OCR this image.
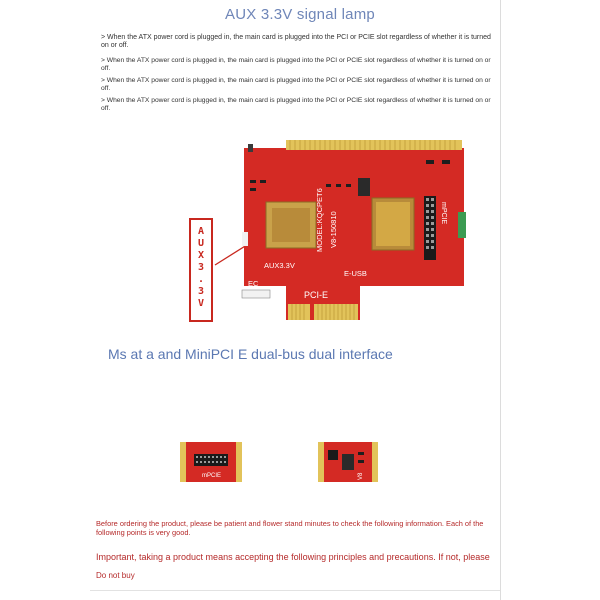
AUX 3.3V signal lamp
> When the ATX power cord is plugged in, the main card is plugged into the PCI or PCIE slot regardless of whether it is turned on or off.
> When the ATX power cord is plugged in, the main card is plugged into the PCI or PCIE slot regardless of whether it is turned on or off.
> When the ATX power cord is plugged in, the main card is plugged into the PCI or PCIE slot regardless of whether it is turned on or off.
> When the ATX power cord is plugged in, the main card is plugged into the PCI or PCIE slot regardless of whether it is turned on or off.
A
U
X
3
.
3
V
MODEL:KQCPET6 V8-150810
AUX3.3V
E-USB
EC
PCI-E
mPCIE
Ms at a and MiniPCI E dual-bus dual interface
mPCIE	V8
Before ordering the product, please be patient and flower stand minutes to check the following information. Each of the following points is very good.
Important, taking a product means accepting the following principles and precautions. If not, please
Do not buy
